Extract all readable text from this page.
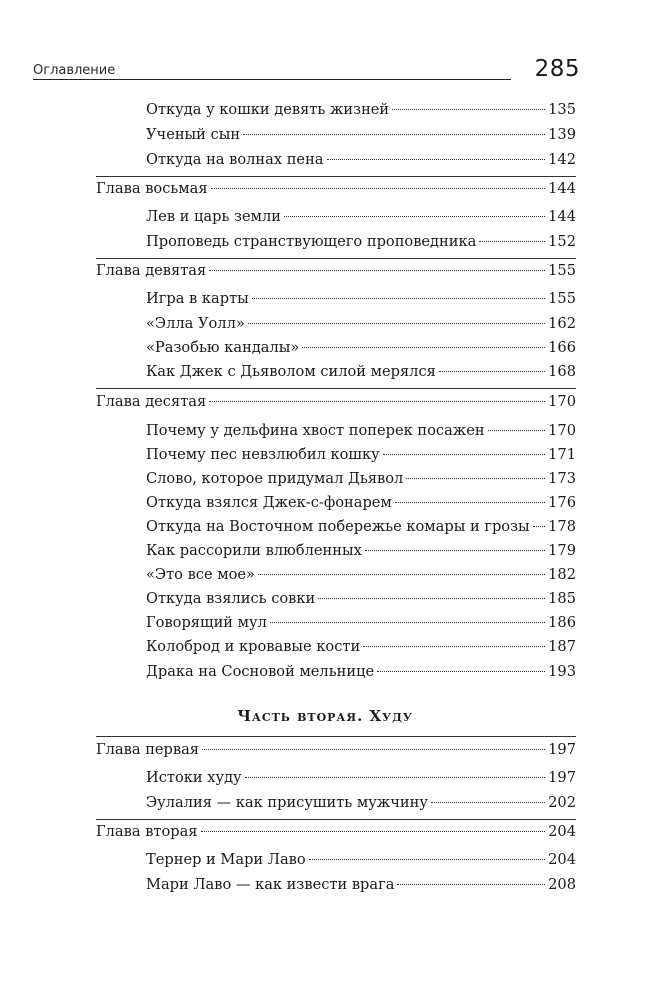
Оглавление	285
Откуда у кошки девять жизней	135
Ученый сын	139
Откуда на волнах пена	142
Глава восьмая	144
Лев и царь земли	144
Проповедь странствующего проповедника	152
Глава девятая	155
Игра в карты	155
«Элла Уолл»	162
«Разобью кандалы»	166
Как Джек с Дьяволом силой мерялся	168
Глава десятая	170
Почему у дельфина хвост поперек посажен	170
Почему пес невзлюбил кошку	171
Слово, которое придумал Дьявол	173
Откуда взялся Джек-с-фонарем	176
Откуда на Восточном побережье комары и грозы 178
Как рассорили влюбленных	179
«Это все мое»	182
Откуда взялись совки	185
Говорящий мул	186
Колоброд и кровавые кости	187
Драка на Сосновой мельнице	193
Часть вторая. Худу
Глава первая	197
Истоки худу	197
Эулалия — как присушить мужчину	202
Глава вторая	204
Тернер и Мари Лаво	204
Мари Лаво — как извести врага	208
